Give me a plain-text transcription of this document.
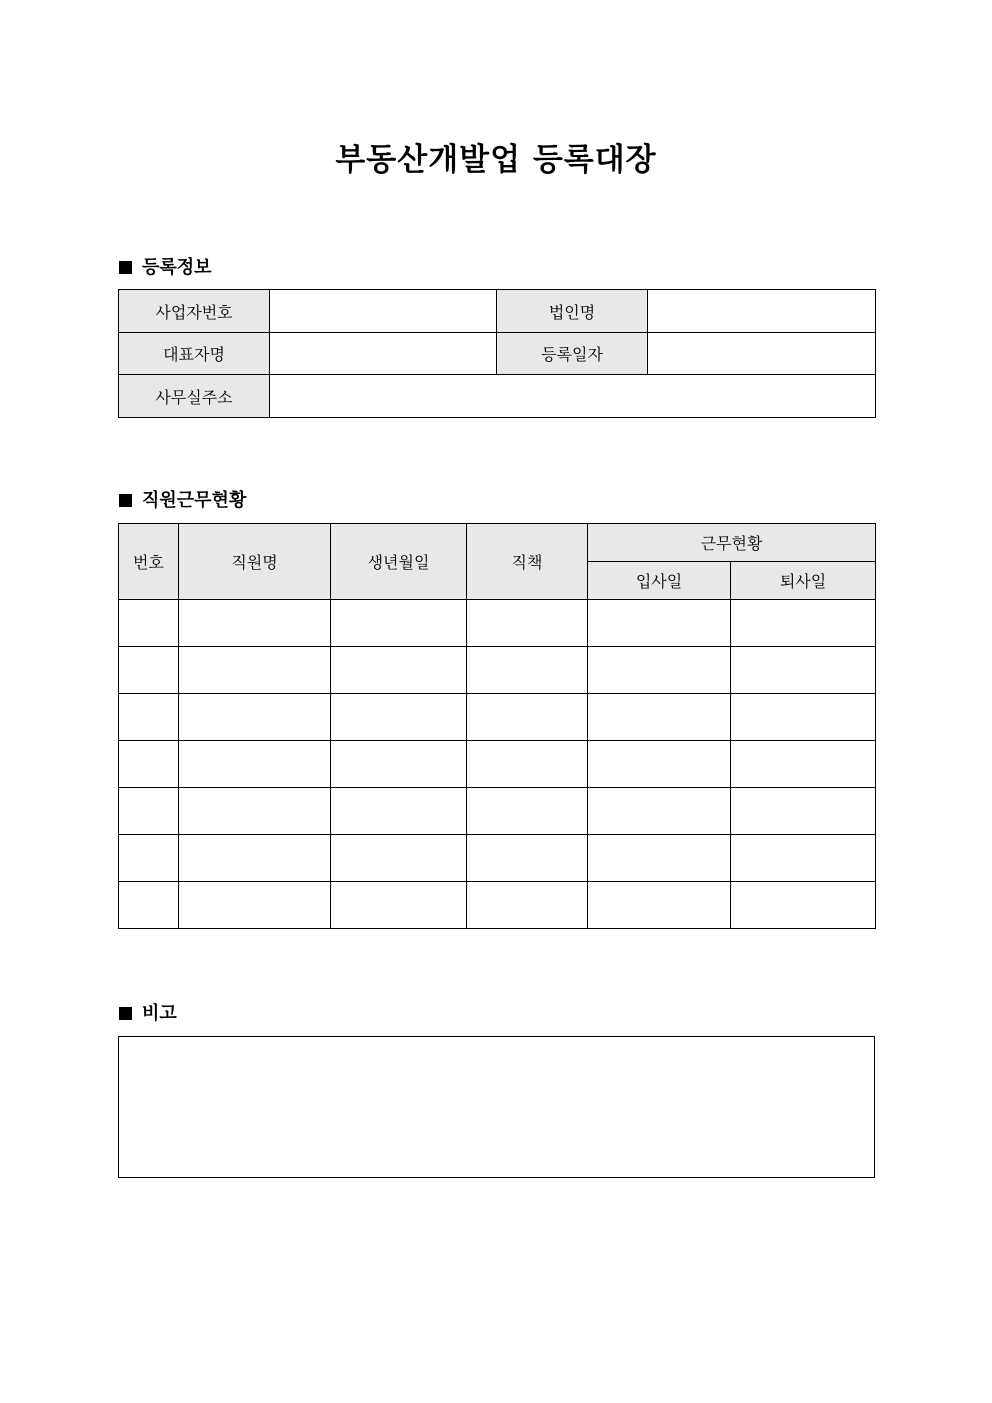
부동산개발업 등록대장
등록정보
사업자번호		법인명	
대표자명		등록일자	
사무실주소			
직원근무현황
번호	직원명	생년월일	직책	근무현황	
				입사일	퇴사일

비고
